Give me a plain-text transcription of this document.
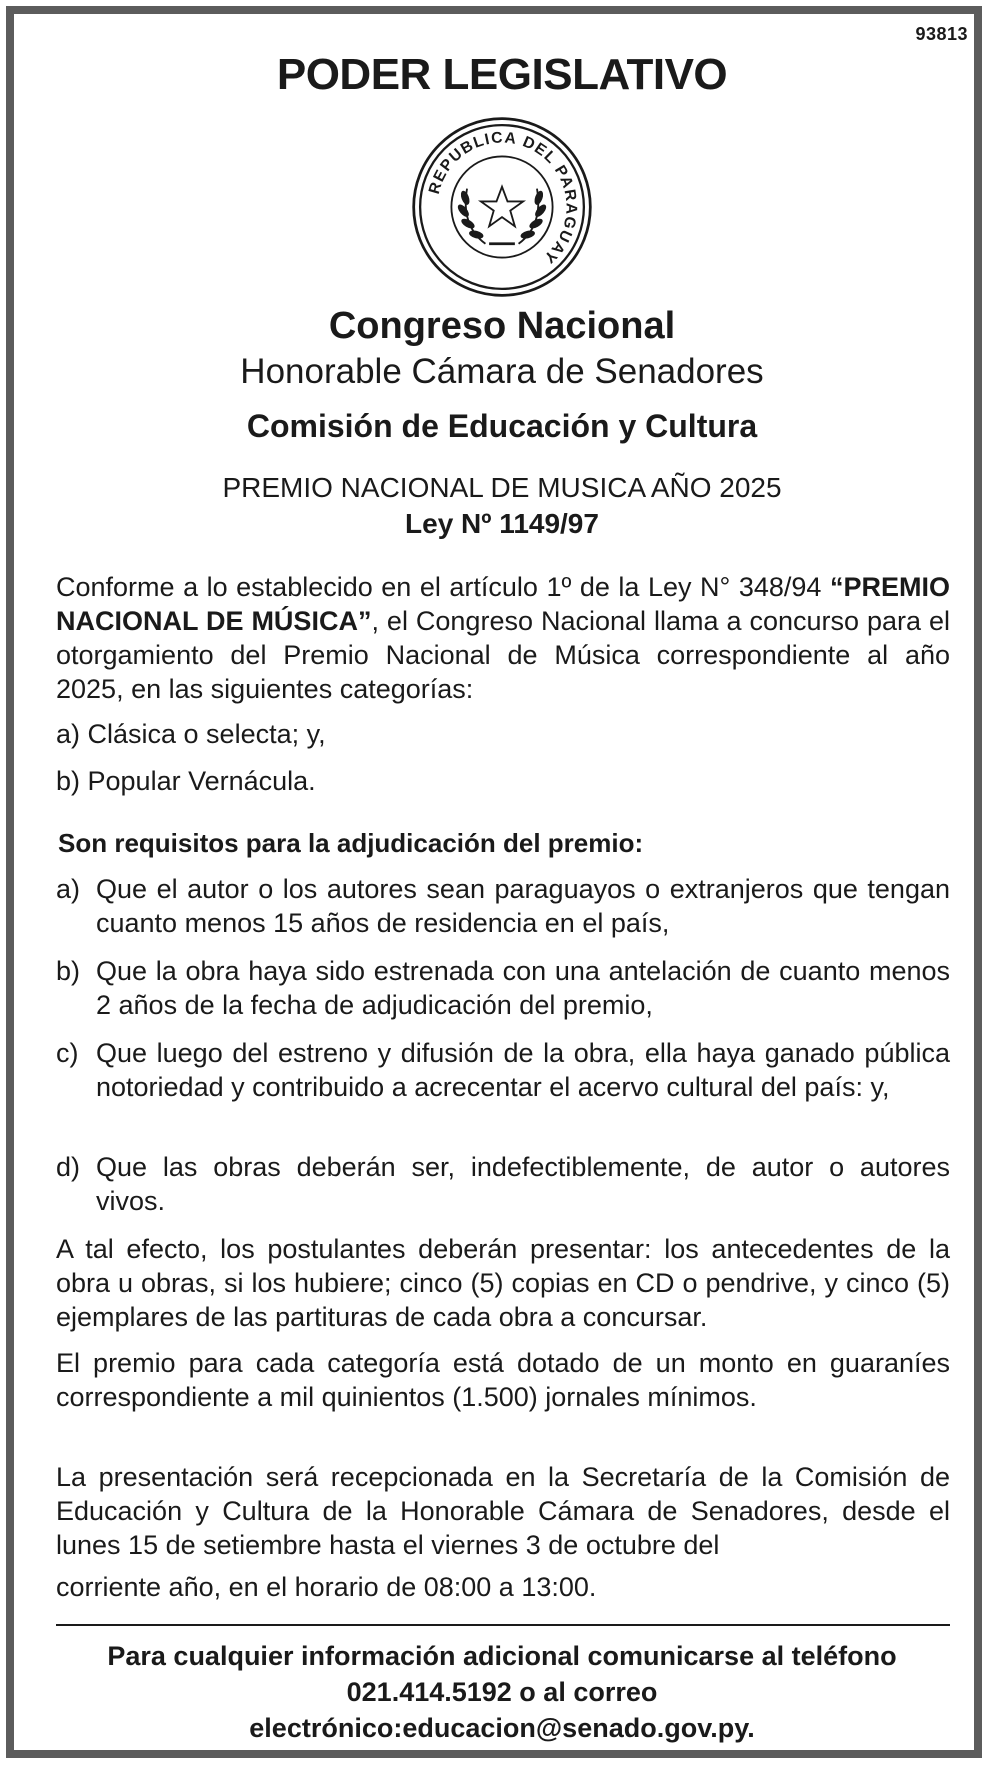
93813
PODER LEGISLATIVO
REPUBLICA DEL PARAGUAY
Congreso Nacional
Honorable Cámara de Senadores
Comisión de Educación y Cultura
PREMIO NACIONAL DE MUSICA AÑO 2025
Ley Nº 1149/97
Conforme a lo establecido en el artículo 1º de la Ley N° 348/94 “PREMIO NACIONAL DE MÚSICA”, el Congreso Nacional llama a concurso para el otorgamiento del Premio Nacional de Música correspondiente al año 2025, en las siguientes categorías:
a) Clásica o selecta; y,
b) Popular Vernácula.
Son requisitos para la adjudicación del premio:
a) Que el autor o los autores sean paraguayos o extranjeros que tengan cuanto menos 15 años de residencia en el país,
b) Que la obra haya sido estrenada con una antelación de cuanto menos 2 años de la fecha de adjudicación del premio,
c) Que luego del estreno y difusión de la obra, ella haya ganado pública notoriedad y contribuido a acrecentar el acervo cultural del país: y,
d) Que las obras deberán ser, indefectiblemente, de autor o autores vivos.
A tal efecto, los postulantes deberán presentar: los antecedentes de la obra u obras, si los hubiere; cinco (5) copias en CD o pendrive, y cinco (5) ejemplares de las partituras de cada obra a concursar.
El premio para cada categoría está dotado de un monto en guaraníes correspondiente a mil quinientos (1.500) jornales mínimos.
La presentación será recepcionada en la Secretaría de la Comisión de Educación y Cultura de la Honorable Cámara de Senadores, desde el lunes 15 de setiembre hasta el viernes 3 de octubre del
corriente año, en el horario de 08:00 a 13:00.
Para cualquier información adicional comunicarse al teléfono
021.414.5192 o al correo
electrónico:educacion@senado.gov.py.
